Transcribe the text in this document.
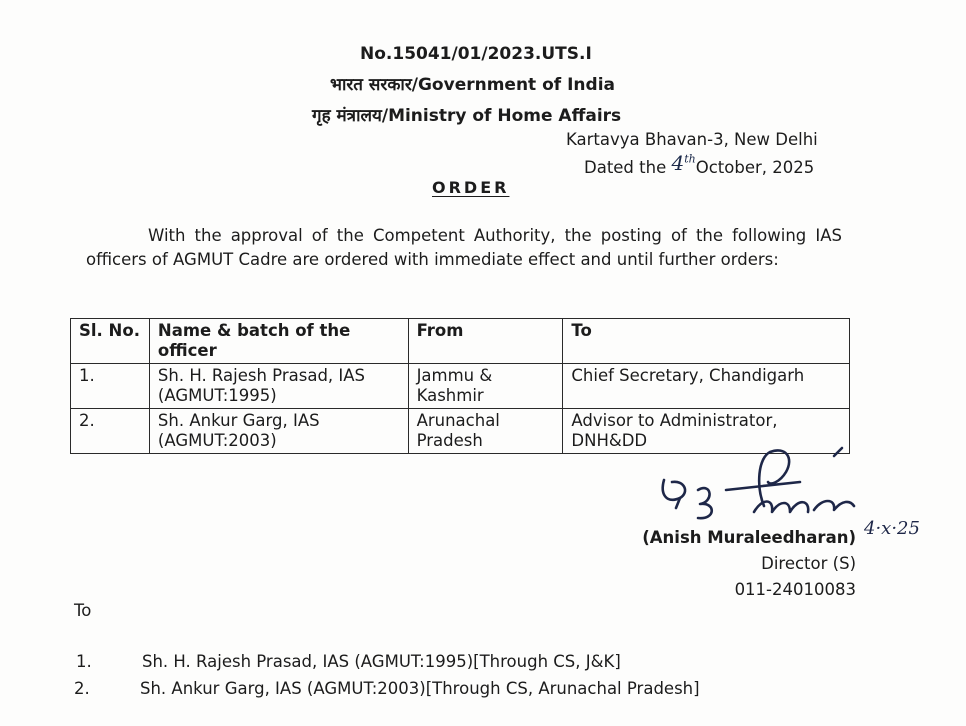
No.15041/01/2023.UTS.I
भारत सरकार/Government of India
गृह मंत्रालय/Ministry of Home Affairs
Kartavya Bhavan-3, New Delhi
Dated the 4thOctober, 2025
ORDER
With the approval of the Competent Authority, the posting of the following IAS officers of AGMUT Cadre are ordered with immediate effect and until further orders:
Sl. No.	Name & batch of the officer	From	To
1.	Sh. H. Rajesh Prasad, IAS (AGMUT:1995)	Jammu & Kashmir	Chief Secretary, Chandigarh
2.	Sh. Ankur Garg, IAS (AGMUT:2003)	Arunachal Pradesh	Advisor to Administrator, DNH&DD
4·x·25
(Anish Muraleedharan)
Director (S)
011-24010083
To
1.	Sh. H. Rajesh Prasad, IAS (AGMUT:1995)[Through CS, J&K]
2.	Sh. Ankur Garg, IAS (AGMUT:2003)[Through CS, Arunachal Pradesh]
